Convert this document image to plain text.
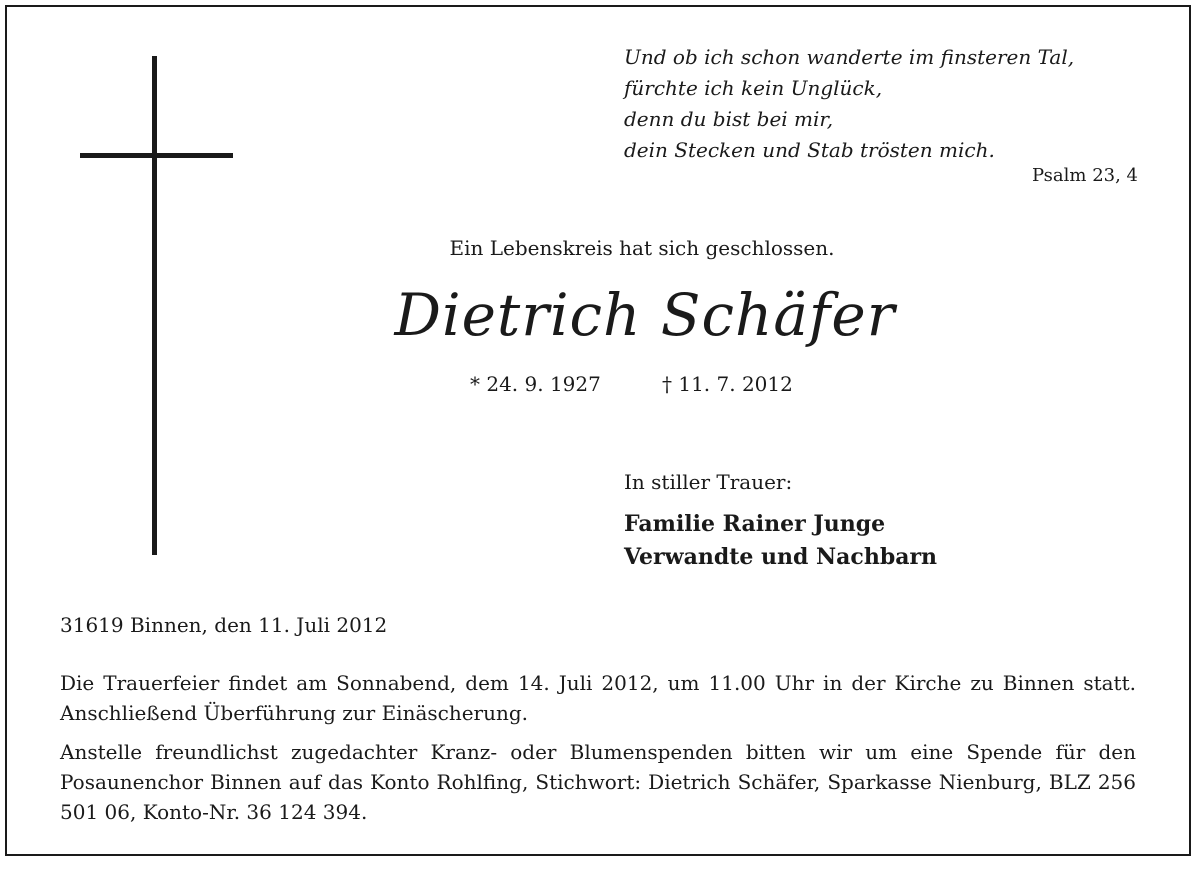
Und ob ich schon wanderte im finsteren Tal,
fürchte ich kein Unglück,
denn du bist bei mir,
dein Stecken und Stab trösten mich.
Psalm 23, 4
Ein Lebenskreis hat sich geschlossen.
Dietrich Schäfer
* 24. 9. 1927	† 11. 7. 2012
In stiller Trauer:
Familie Rainer Junge
Verwandte und Nachbarn
31619 Binnen, den 11. Juli 2012
Die Trauerfeier findet am Sonnabend, dem 14. Juli 2012, um 11.00 Uhr in der Kirche zu Binnen statt. Anschließend Überführung zur Einäscherung.
Anstelle freundlichst zugedachter Kranz- oder Blumenspenden bitten wir um eine Spende für den Posaunenchor Binnen auf das Konto Rohlfing, Stichwort: Dietrich Schäfer, Sparkasse Nienburg, BLZ 256 501 06, Konto-Nr. 36 124 394.
